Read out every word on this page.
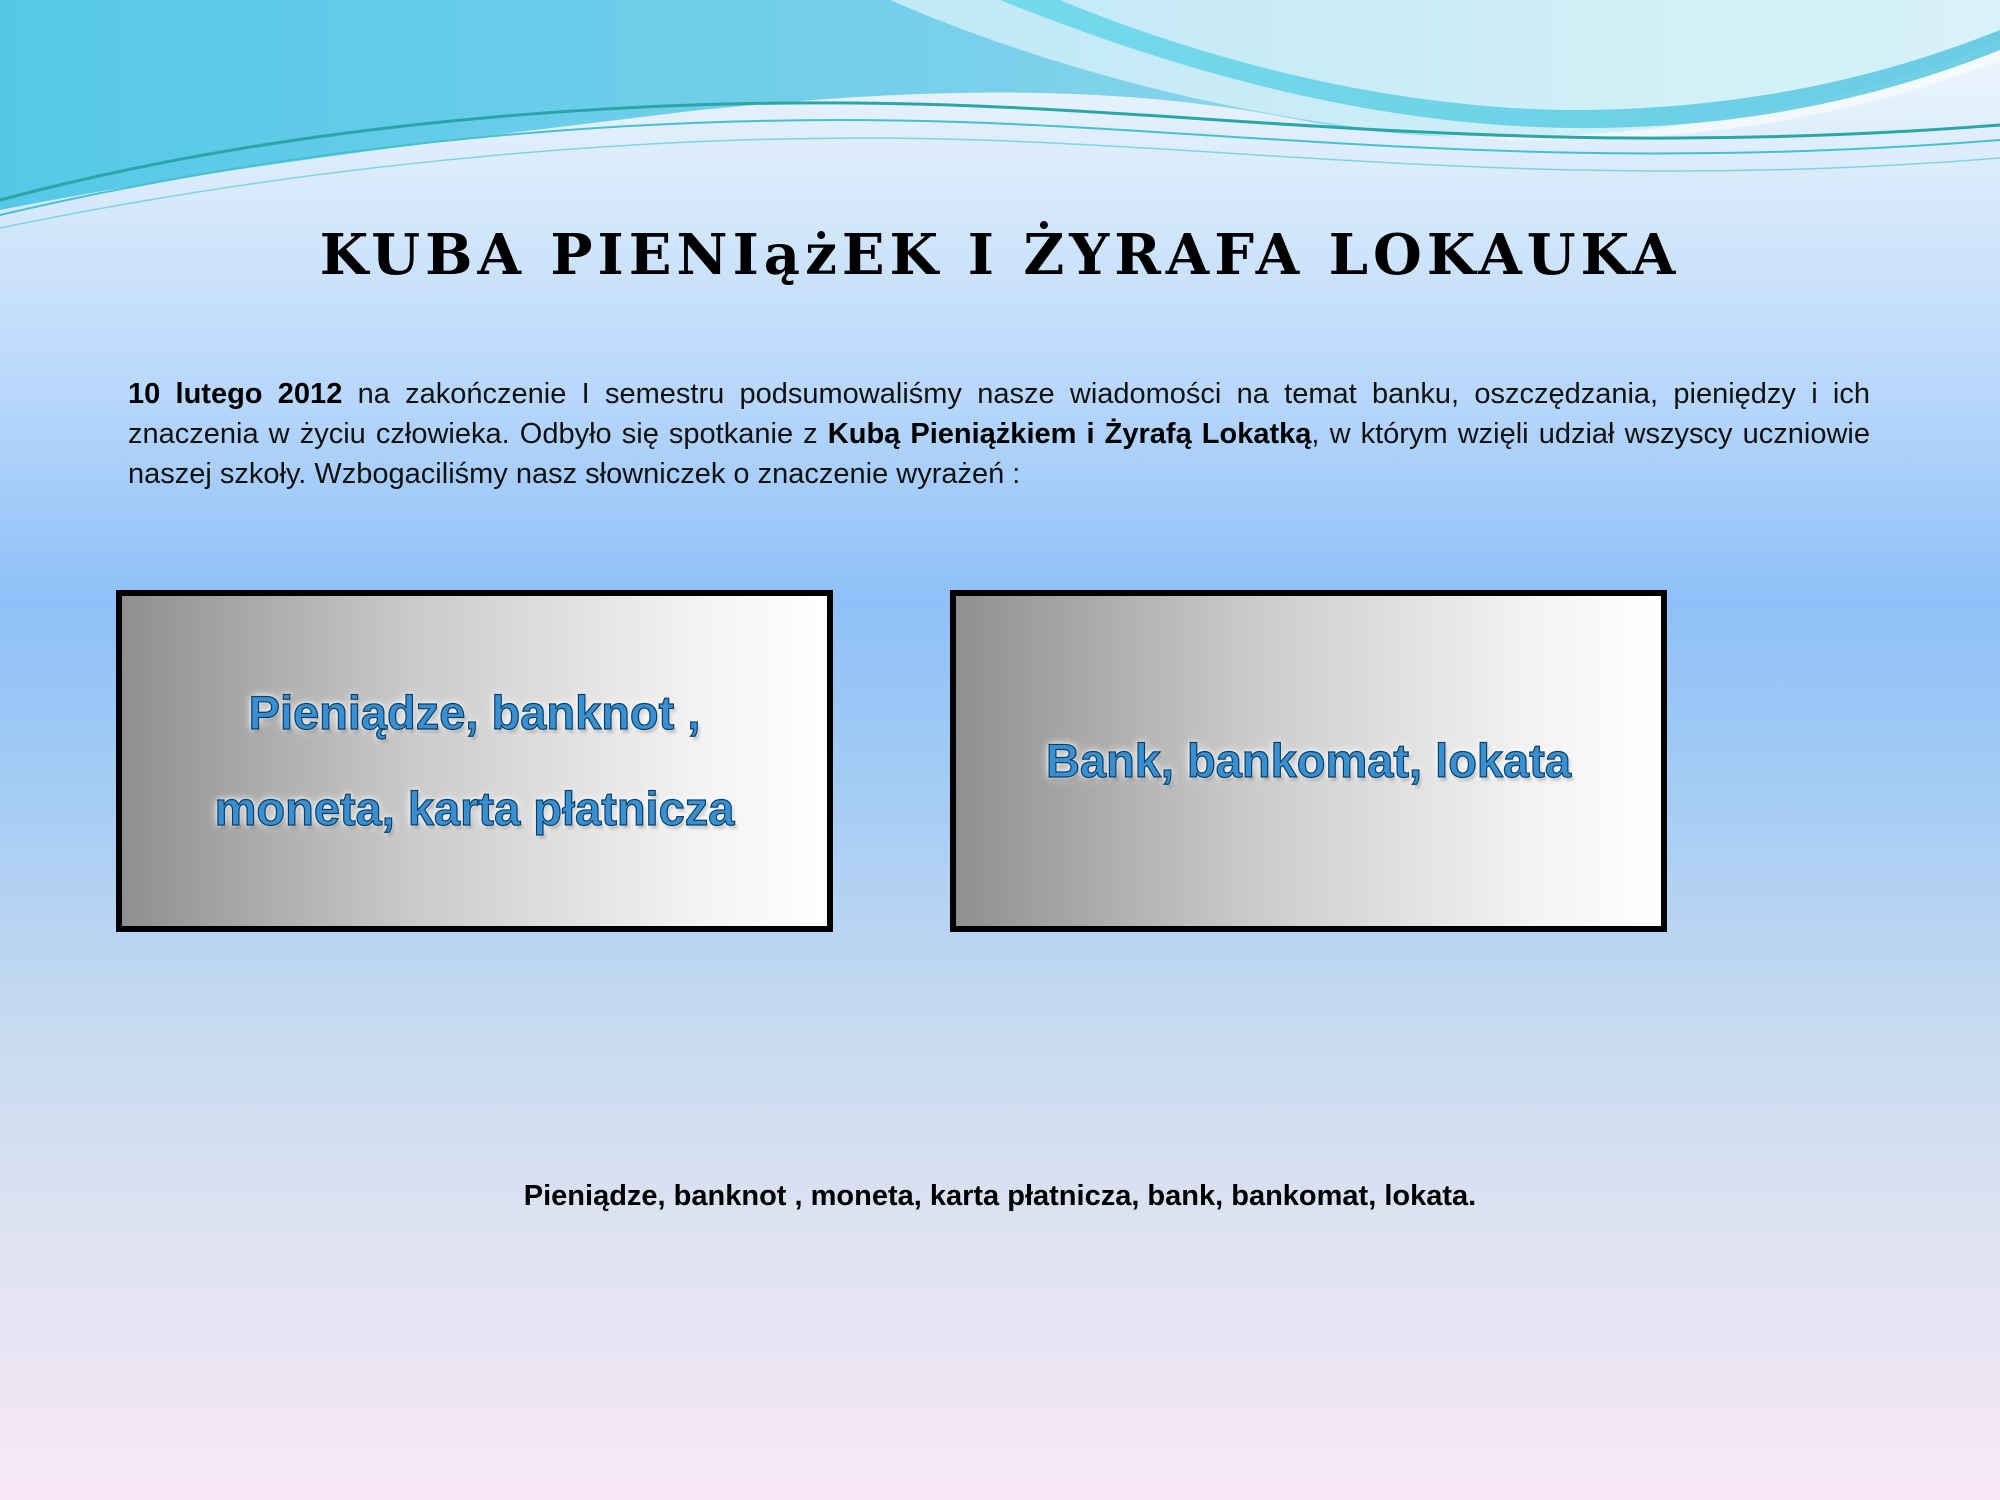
KUBA PIENIążEK I ŻYRAFA LOKAUKA

10 lutego 2012 na zakończenie I semestru podsumowaliśmy nasze wiadomości na temat banku, oszczędzania, pieniędzy i ich znaczenia w życiu człowieka. Odbyło się spotkanie z Kubą Pieniążkiem i Żyrafą Lokatką, w którym wzięli udział wszyscy uczniowie naszej szkoły. Wzbogaciliśmy nasz słowniczek o znaczenie wyrażeń :

Pieniądze, banknot ,
moneta, karta płatnicza
Bank, bankomat, lokata

Pieniądze, banknot , moneta, karta płatnicza, bank, bankomat, lokata.
